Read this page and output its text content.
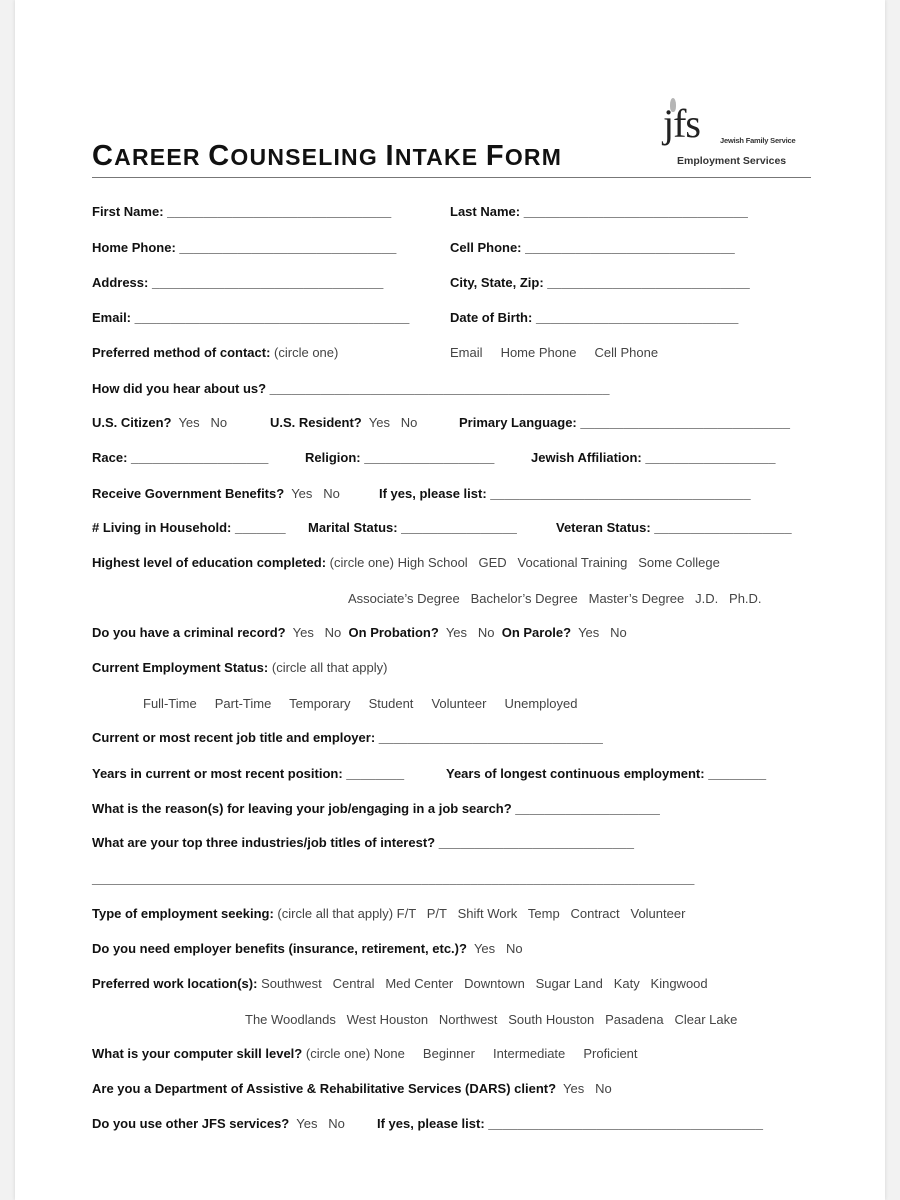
CAREER COUNSELING INTAKE FORM
jfs	Jewish Family Service
Employment Services
First Name: _______________________________	Last Name: _______________________________
Home Phone: ______________________________	Cell Phone: _____________________________
Address: ________________________________	City, State, Zip: ____________________________
Email: ______________________________________	Date of Birth: ____________________________
Preferred method of contact: (circle one)	Email     Home Phone     Cell Phone
How did you hear about us? _______________________________________________
U.S. Citizen? Yes   No	U.S. Resident? Yes   No	Primary Language: _____________________________
Race: ___________________	Religion: __________________	Jewish Affiliation: __________________
Receive Government Benefits? Yes   No	If yes, please list: ____________________________________
# Living in Household: _______ Marital Status: ________________	Veteran Status: ___________________
Highest level of education completed: (circle one) High School   GED   Vocational Training   Some College
Associate’s Degree   Bachelor’s Degree   Master’s Degree   J.D.   Ph.D.
Do you have a criminal record? Yes   No On Probation? Yes   No On Parole? Yes   No
Current Employment Status: (circle all that apply)
Full-Time     Part-Time     Temporary     Student     Volunteer     Unemployed
Current or most recent job title and employer: _______________________________
Years in current or most recent position: ________	Years of longest continuous employment: ________
What is the reason(s) for leaving your job/engaging in a job search? ____________________
What are your top three industries/job titles of interest? ___________________________
______________________________________________________________________________________
Type of employment seeking: (circle all that apply) F/T   P/T   Shift Work   Temp   Contract   Volunteer
Do you need employer benefits (insurance, retirement, etc.)? Yes   No
Preferred work location(s): Southwest   Central   Med Center   Downtown   Sugar Land   Katy   Kingwood
The Woodlands   West Houston   Northwest   South Houston   Pasadena   Clear Lake
What is your computer skill level? (circle one) None     Beginner     Intermediate     Proficient
Are you a Department of Assistive & Rehabilitative Services (DARS) client? Yes   No
Do you use other JFS services? Yes   No If yes, please list: ______________________________________
